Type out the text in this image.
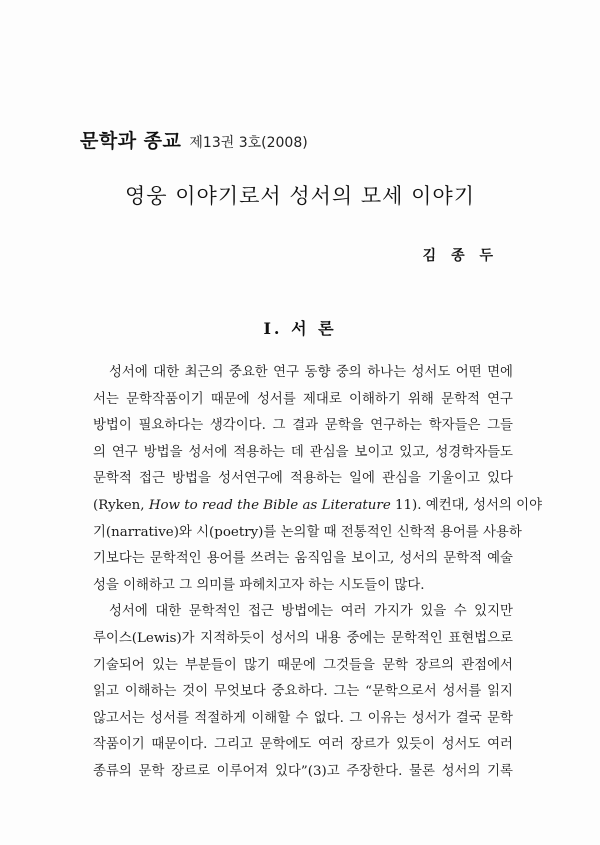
문학과 종교 제13권 3호(2008)
영웅 이야기로서 성서의 모세 이야기
김 종 두
I. 서 론
성서에 대한 최근의 중요한 연구 동향 중의 하나는 성서도 어떤 면에
서는 문학작품이기 때문에 성서를 제대로 이해하기 위해 문학적 연구
방법이 필요하다는 생각이다. 그 결과 문학을 연구하는 학자들은 그들
의 연구 방법을 성서에 적용하는 데 관심을 보이고 있고, 성경학자들도
문학적 접근 방법을 성서연구에 적용하는 일에 관심을 기울이고 있다
(Ryken, How to read the Bible as Literature 11). 예컨대, 성서의 이야
기(narrative)와 시(poetry)를 논의할 때 전통적인 신학적 용어를 사용하
기보다는 문학적인 용어를 쓰려는 움직임을 보이고, 성서의 문학적 예술
성을 이해하고 그 의미를 파헤치고자 하는 시도들이 많다.
성서에 대한 문학적인 접근 방법에는 여러 가지가 있을 수 있지만
루이스(Lewis)가 지적하듯이 성서의 내용 중에는 문학적인 표현법으로
기술되어 있는 부분들이 많기 때문에 그것들을 문학 장르의 관점에서
읽고 이해하는 것이 무엇보다 중요하다. 그는 “문학으로서 성서를 읽지
않고서는 성서를 적절하게 이해할 수 없다. 그 이유는 성서가 결국 문학
작품이기 때문이다. 그리고 문학에도 여러 장르가 있듯이 성서도 여러
종류의 문학 장르로 이루어져 있다”(3)고 주장한다. 물론 성서의 기록
